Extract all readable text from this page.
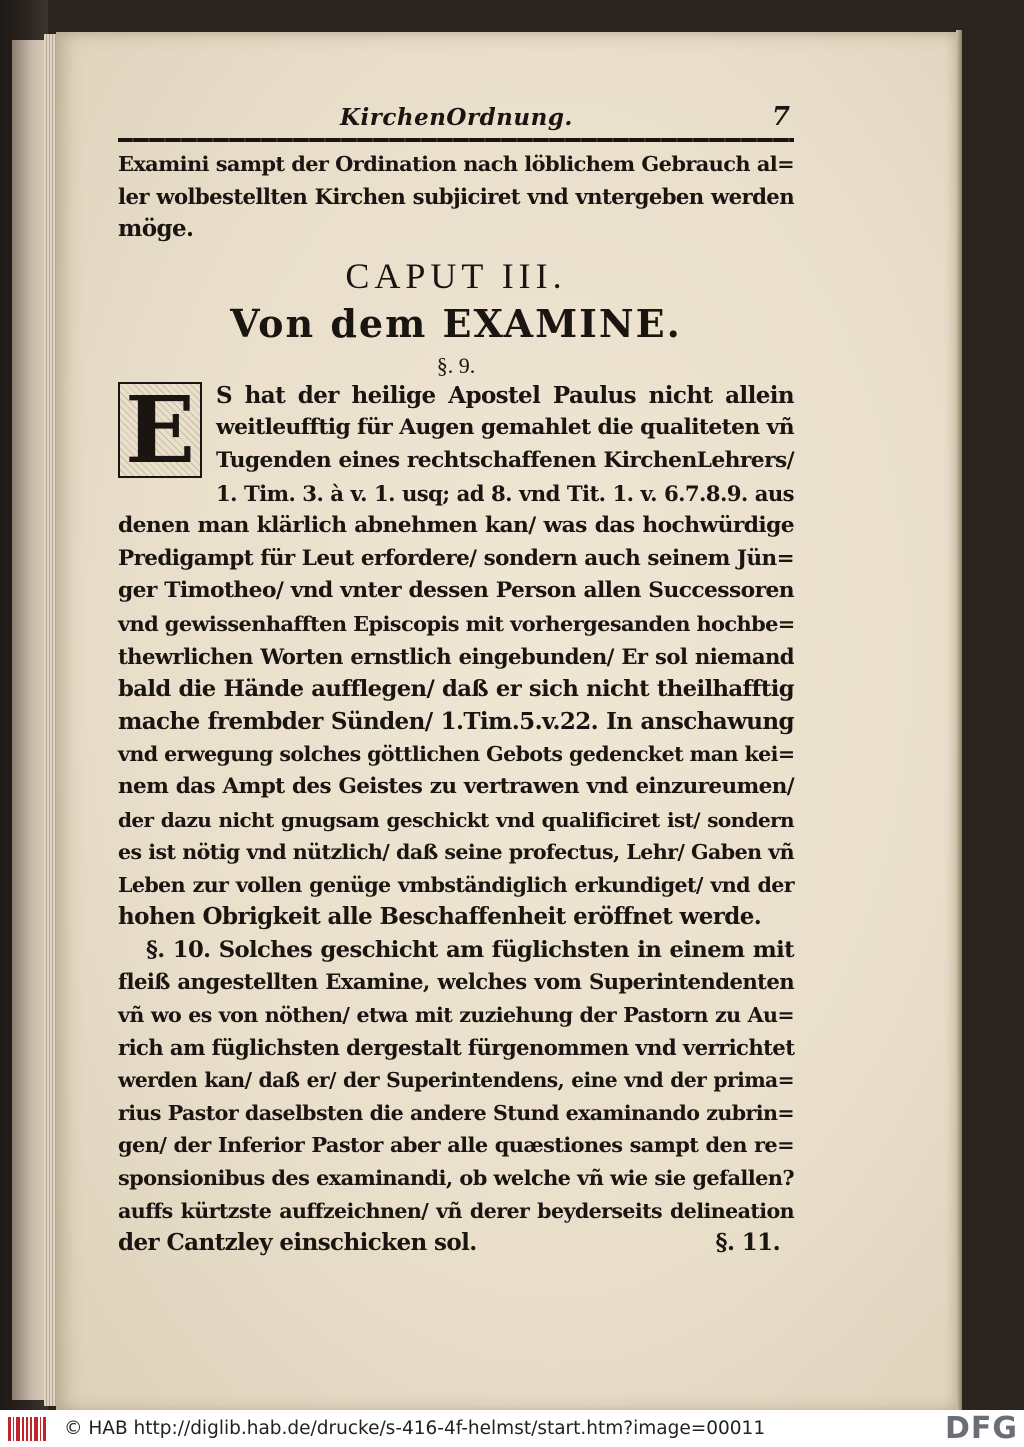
KirchenOrdnung.	7
Examini sampt der Ordination nach löblichem Gebrauch al=
ler wolbestellten Kirchen subjiciret vnd vntergeben werden
möge.
CAPUT III.
Von dem EXAMINE.
§. 9.
E S hat der heilige Apostel Paulus nicht allein
weitleufftig für Augen gemahlet die qualiteten vñ
Tugenden eines rechtschaffenen KirchenLehrers/
1. Tim. 3. à v. 1. usq; ad 8. vnd Tit. 1. v. 6.7.8.9. aus
denen man klärlich abnehmen kan/ was das hochwürdige
Predigampt für Leut erfordere/ sondern auch seinem Jün=
ger Timotheo/ vnd vnter dessen Person allen Successoren
vnd gewissenhafften Episcopis mit vorhergesanden hochbe=
thewrlichen Worten ernstlich eingebunden/ Er sol niemand
bald die Hände aufflegen/ daß er sich nicht theilhafftig
mache frembder Sünden/ 1.Tim.5.v.22. In anschawung
vnd erwegung solches göttlichen Gebots gedencket man kei=
nem das Ampt des Geistes zu vertrawen vnd einzureumen/
der dazu nicht gnugsam geschickt vnd qualificiret ist/ sondern
es ist nötig vnd nützlich/ daß seine profectus, Lehr/ Gaben vñ
Leben zur vollen genüge vmbständiglich erkundiget/ vnd der
hohen Obrigkeit alle Beschaffenheit eröffnet werde.
§. 10. Solches geschicht am füglichsten in einem mit
fleiß angestellten Examine, welches vom Superintendenten
vñ wo es von nöthen/ etwa mit zuziehung der Pastorn zu Au=
rich am füglichsten dergestalt fürgenommen vnd verrichtet
werden kan/ daß er/ der Superintendens, eine vnd der prima=
rius Pastor daselbsten die andere Stund examinando zubrin=
gen/ der Inferior Pastor aber alle quæstiones sampt den re=
sponsionibus des examinandi, ob welche vñ wie sie gefallen?
auffs kürtzste auffzeichnen/ vñ derer beyderseits delineation
der Cantzley einschicken sol.	§. 11.
© HAB http://diglib.hab.de/drucke/s-416-4f-helmst/start.htm?image=00011	DFG
